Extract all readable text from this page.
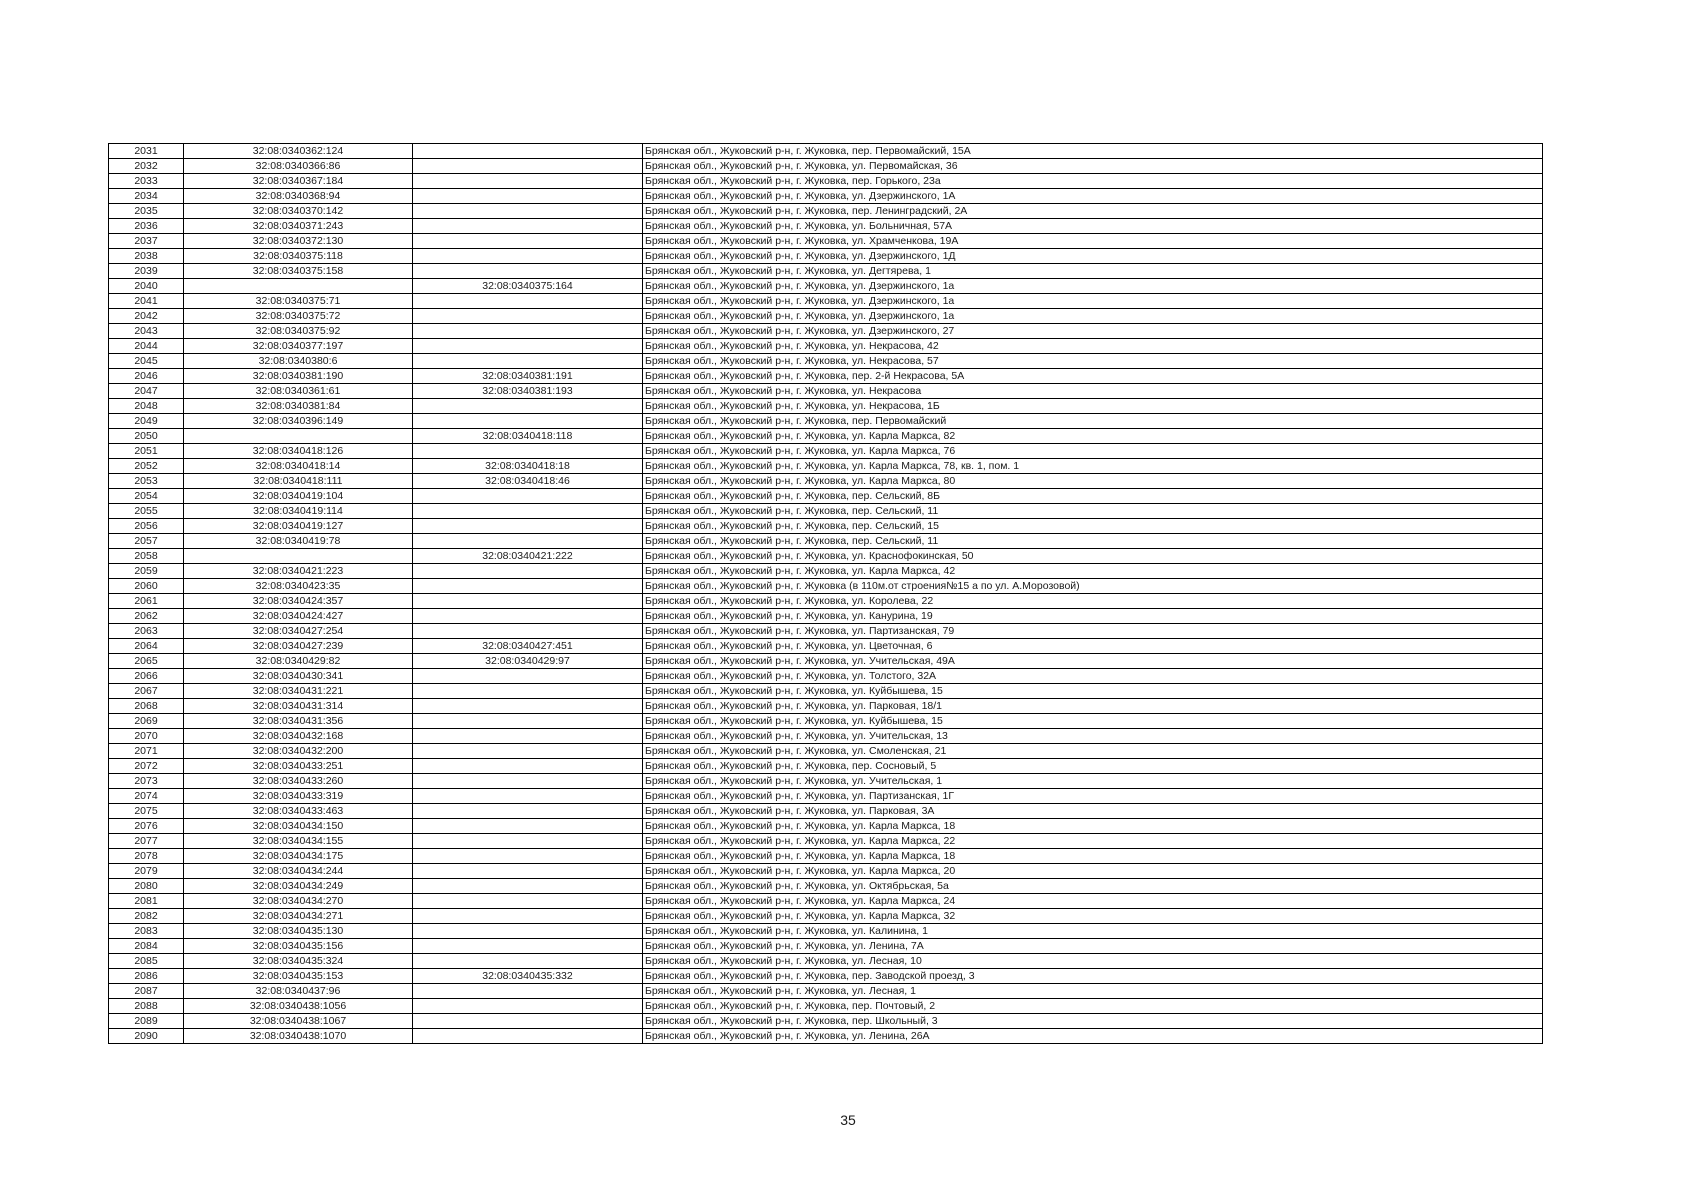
2031	32:08:0340362:124		Брянская обл., Жуковский р-н, г. Жуковка, пер. Первомайский, 15А
2032	32:08:0340366:86		Брянская обл., Жуковский р-н, г. Жуковка, ул. Первомайская, 36
2033	32:08:0340367:184		Брянская обл., Жуковский р-н, г. Жуковка, пер. Горького, 23а
2034	32:08:0340368:94		Брянская обл., Жуковский р-н, г. Жуковка, ул. Дзержинского, 1А
2035	32:08:0340370:142		Брянская обл., Жуковский р-н, г. Жуковка, пер. Ленинградский, 2А
2036	32:08:0340371:243		Брянская обл., Жуковский р-н, г. Жуковка, ул. Больничная, 57А
2037	32:08:0340372:130		Брянская обл., Жуковский р-н, г. Жуковка, ул. Храмченкова, 19А
2038	32:08:0340375:118		Брянская обл., Жуковский р-н, г. Жуковка, ул. Дзержинского, 1Д
2039	32:08:0340375:158		Брянская обл., Жуковский р-н, г. Жуковка, ул. Дегтярева, 1
2040		32:08:0340375:164	Брянская обл., Жуковский р-н, г. Жуковка, ул. Дзержинского, 1а
2041	32:08:0340375:71		Брянская обл., Жуковский р-н, г. Жуковка, ул. Дзержинского, 1а
2042	32:08:0340375:72		Брянская обл., Жуковский р-н, г. Жуковка, ул. Дзержинского, 1а
2043	32:08:0340375:92		Брянская обл., Жуковский р-н, г. Жуковка, ул. Дзержинского, 27
2044	32:08:0340377:197		Брянская обл., Жуковский р-н, г. Жуковка, ул. Некрасова, 42
2045	32:08:0340380:6		Брянская обл., Жуковский р-н, г. Жуковка, ул. Некрасова, 57
2046	32:08:0340381:190	32:08:0340381:191	Брянская обл., Жуковский р-н, г. Жуковка, пер. 2-й Некрасова, 5А
2047	32:08:0340361:61	32:08:0340381:193	Брянская обл., Жуковский р-н, г. Жуковка, ул. Некрасова
2048	32:08:0340381:84		Брянская обл., Жуковский р-н, г. Жуковка, ул. Некрасова, 1Б
2049	32:08:0340396:149		Брянская обл., Жуковский р-н, г. Жуковка, пер. Первомайский
2050		32:08:0340418:118	Брянская обл., Жуковский р-н, г. Жуковка, ул. Карла Маркса, 82
2051	32:08:0340418:126		Брянская обл., Жуковский р-н, г. Жуковка, ул. Карла Маркса, 76
2052	32:08:0340418:14	32:08:0340418:18	Брянская обл., Жуковский р-н, г. Жуковка, ул. Карла Маркса, 78, кв. 1, пом. 1
2053	32:08:0340418:111	32:08:0340418:46	Брянская обл., Жуковский р-н, г. Жуковка, ул. Карла Маркса, 80
2054	32:08:0340419:104		Брянская обл., Жуковский р-н, г. Жуковка, пер. Сельский, 8Б
2055	32:08:0340419:114		Брянская обл., Жуковский р-н, г. Жуковка, пер. Сельский, 11
2056	32:08:0340419:127		Брянская обл., Жуковский р-н, г. Жуковка, пер. Сельский, 15
2057	32:08:0340419:78		Брянская обл., Жуковский р-н, г. Жуковка, пер. Сельский, 11
2058		32:08:0340421:222	Брянская обл., Жуковский р-н, г. Жуковка, ул. Краснофокинская, 50
2059	32:08:0340421:223		Брянская обл., Жуковский р-н, г. Жуковка, ул. Карла Маркса, 42
2060	32:08:0340423:35		Брянская обл., Жуковский р-н, г. Жуковка (в 110м.от строения№15 а по ул. А.Морозовой)
2061	32:08:0340424:357		Брянская обл., Жуковский р-н, г. Жуковка, ул. Королева, 22
2062	32:08:0340424:427		Брянская обл., Жуковский р-н, г. Жуковка, ул. Канурина, 19
2063	32:08:0340427:254		Брянская обл., Жуковский р-н, г. Жуковка, ул. Партизанская, 79
2064	32:08:0340427:239	32:08:0340427:451	Брянская обл., Жуковский р-н, г. Жуковка, ул. Цветочная, 6
2065	32:08:0340429:82	32:08:0340429:97	Брянская обл., Жуковский р-н, г. Жуковка, ул. Учительская, 49А
2066	32:08:0340430:341		Брянская обл., Жуковский р-н, г. Жуковка, ул. Толстого, 32А
2067	32:08:0340431:221		Брянская обл., Жуковский р-н, г. Жуковка, ул. Куйбышева, 15
2068	32:08:0340431:314		Брянская обл., Жуковский р-н, г. Жуковка, ул. Парковая, 18/1
2069	32:08:0340431:356		Брянская обл., Жуковский р-н, г. Жуковка, ул. Куйбышева, 15
2070	32:08:0340432:168		Брянская обл., Жуковский р-н, г. Жуковка, ул. Учительская, 13
2071	32:08:0340432:200		Брянская обл., Жуковский р-н, г. Жуковка, ул. Смоленская, 21
2072	32:08:0340433:251		Брянская обл., Жуковский р-н, г. Жуковка, пер. Сосновый, 5
2073	32:08:0340433:260		Брянская обл., Жуковский р-н, г. Жуковка, ул. Учительская, 1
2074	32:08:0340433:319		Брянская обл., Жуковский р-н, г. Жуковка, ул. Партизанская, 1Г
2075	32:08:0340433:463		Брянская обл., Жуковский р-н, г. Жуковка, ул. Парковая, 3А
2076	32:08:0340434:150		Брянская обл., Жуковский р-н, г. Жуковка, ул. Карла Маркса, 18
2077	32:08:0340434:155		Брянская обл., Жуковский р-н, г. Жуковка, ул. Карла Маркса, 22
2078	32:08:0340434:175		Брянская обл., Жуковский р-н, г. Жуковка, ул. Карла Маркса, 18
2079	32:08:0340434:244		Брянская обл., Жуковский р-н, г. Жуковка, ул. Карла Маркса, 20
2080	32:08:0340434:249		Брянская обл., Жуковский р-н, г. Жуковка, ул. Октябрьская, 5а
2081	32:08:0340434:270		Брянская обл., Жуковский р-н, г. Жуковка, ул. Карла Маркса, 24
2082	32:08:0340434:271		Брянская обл., Жуковский р-н, г. Жуковка, ул. Карла Маркса, 32
2083	32:08:0340435:130		Брянская обл., Жуковский р-н, г. Жуковка, ул. Калинина, 1
2084	32:08:0340435:156		Брянская обл., Жуковский р-н, г. Жуковка, ул. Ленина, 7А
2085	32:08:0340435:324		Брянская обл., Жуковский р-н, г. Жуковка, ул. Лесная, 10
2086	32:08:0340435:153	32:08:0340435:332	Брянская обл., Жуковский р-н, г. Жуковка, пер. Заводской проезд, 3
2087	32:08:0340437:96		Брянская обл., Жуковский р-н, г. Жуковка, ул. Лесная, 1
2088	32:08:0340438:1056		Брянская обл., Жуковский р-н, г. Жуковка, пер. Почтовый, 2
2089	32:08:0340438:1067		Брянская обл., Жуковский р-н, г. Жуковка, пер. Школьный, 3
2090	32:08:0340438:1070		Брянская обл., Жуковский р-н, г. Жуковка, ул. Ленина, 26А
35
